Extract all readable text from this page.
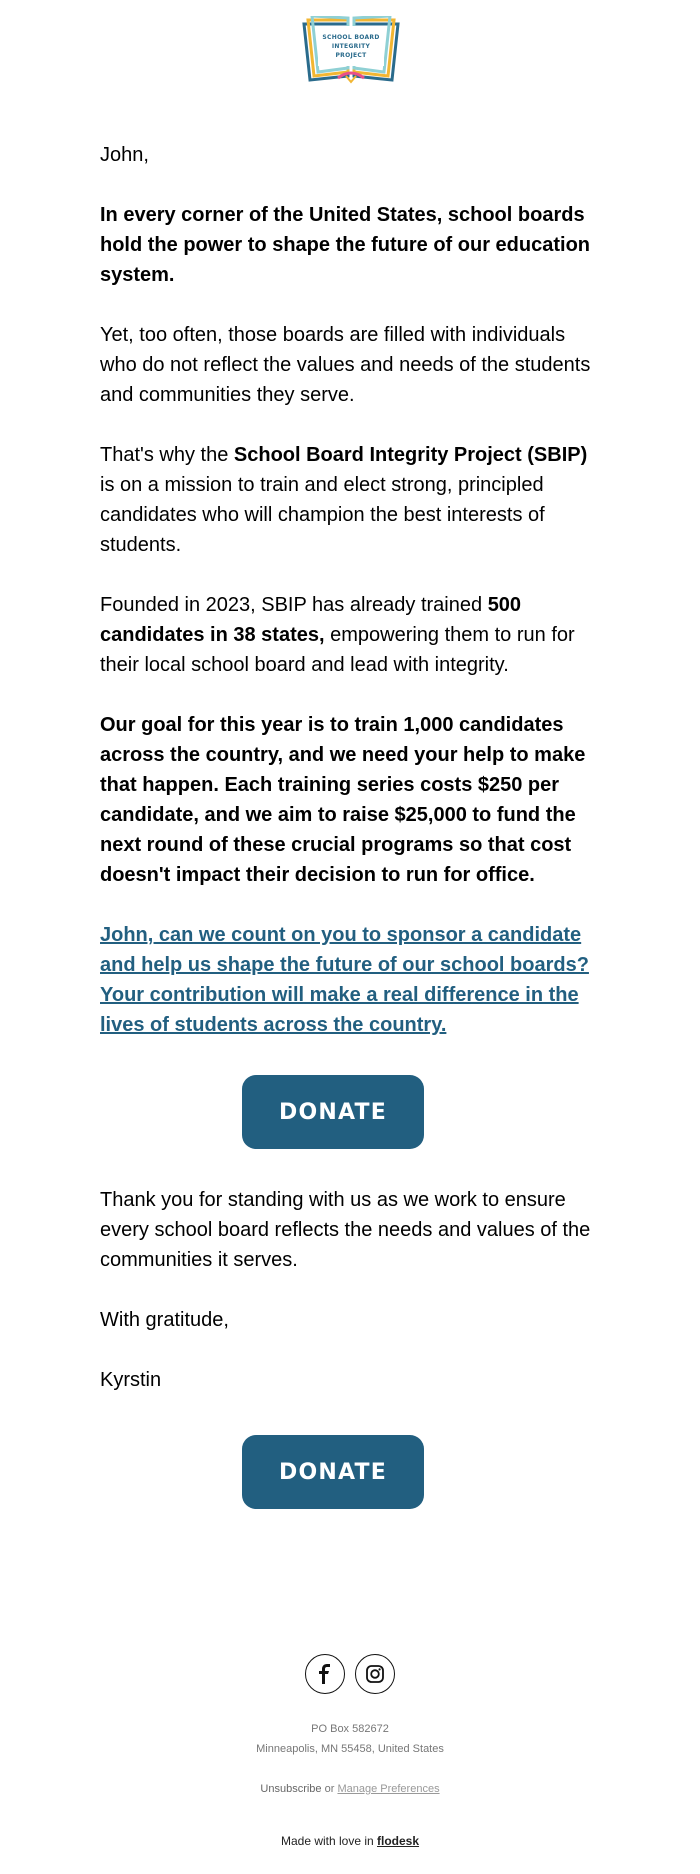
SCHOOL BOARD
INTEGRITY
PROJECT

John,

In every corner of the United States, school boards hold the power to shape the future of our education system.

Yet, too often, those boards are filled with individuals who do not reflect the values and needs of the students and communities they serve.

That's why the School Board Integrity Project (SBIP) is on a mission to train and elect strong, principled candidates who will champion the best interests of students.

Founded in 2023, SBIP has already trained 500 candidates in 38 states, empowering them to run for their local school board and lead with integrity.

Our goal for this year is to train 1,000 candidates across the country, and we need your help to make that happen. Each training series costs $250 per candidate, and we aim to raise $25,000 to fund the next round of these crucial programs so that cost doesn't impact their decision to run for office.

John, can we count on you to sponsor a candidate and help us shape the future of our school boards? Your contribution will make a real difference in the lives of students across the country.

DONATE

Thank you for standing with us as we work to ensure every school board reflects the needs and values of the communities it serves.

With gratitude,

Kyrstin

DONATE
PO Box 582672
Minneapolis, MN 55458, United States
Unsubscribe or Manage Preferences
Made with love in flodesk
